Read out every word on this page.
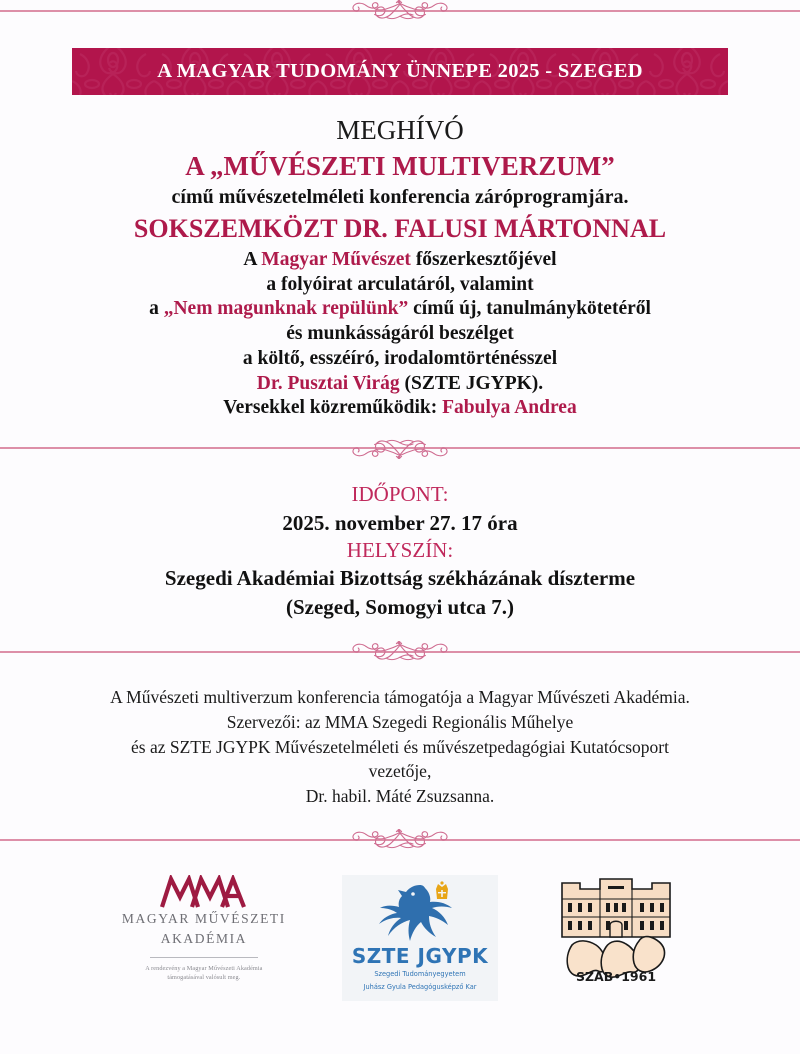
A MAGYAR TUDOMÁNY ÜNNEPE 2025 - SZEGED
MEGHÍVÓ
A „MŰVÉSZETI MULTIVERZUM”
című művészetelméleti konferencia záróprogramjára.
SOKSZEMKÖZT DR. FALUSI MÁRTONNAL
A Magyar Művészet főszerkesztőjével
a folyóirat arculatáról, valamint
a „Nem magunknak repülünk” című új, tanulmánykötetéről
és munkásságáról beszélget
a költő, esszéíró, irodalomtörténésszel
Dr. Pusztai Virág (SZTE JGYPK).
Versekkel közreműködik: Fabulya Andrea
IDŐPONT:
2025. november 27. 17 óra
HELYSZÍN:
Szegedi Akadémiai Bizottság székházának díszterme
(Szeged, Somogyi utca 7.)
A Művészeti multiverzum konferencia támogatója a Magyar Művészeti Akadémia.
Szervezői: az MMA Szegedi Regionális Műhelye
és az SZTE JGYPK Művészetelméleti és művészetpedagógiai Kutatócsoport
vezetője,
Dr. habil. Máté Zsuzsanna.
MAGYAR MŰVÉSZETI
AKADÉMIA
A rendezvény a Magyar Művészeti Akadémia
támogatásával valósult meg.
SZTE JGYPK
Szegedi Tudományegyetem
Juhász Gyula Pedagógusképző Kar
SZAB•1961
